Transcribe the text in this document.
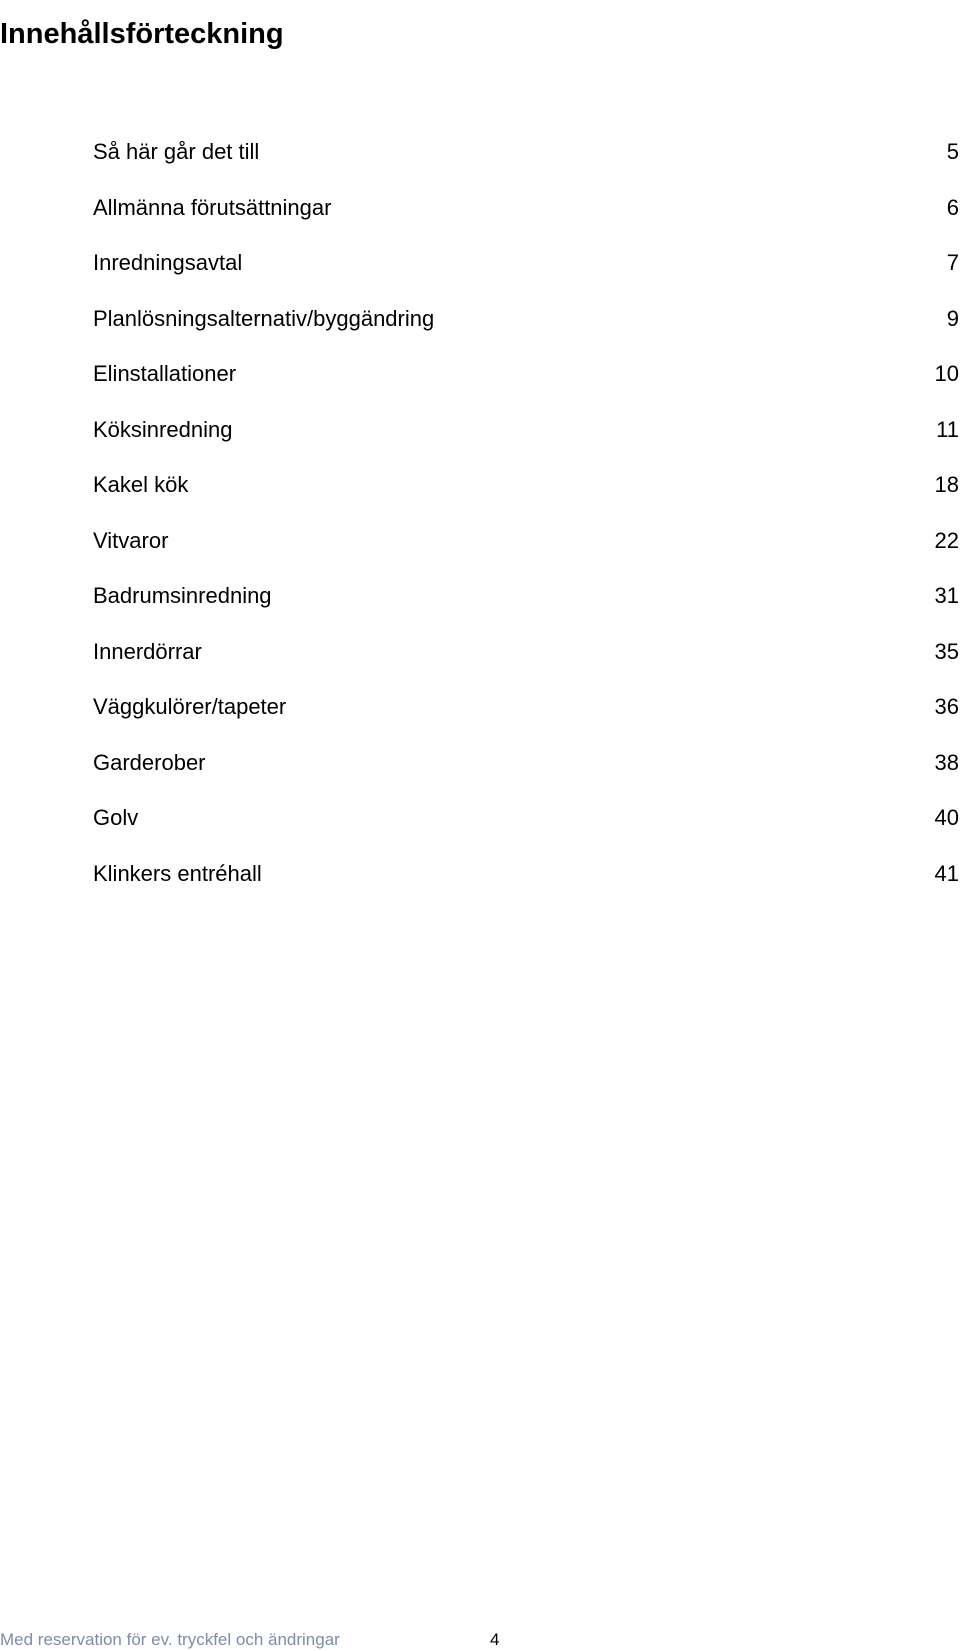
Innehållsförteckning
Så här går det till	5
Allmänna förutsättningar	6
Inredningsavtal	7
Planlösningsalternativ/byggändring	9
Elinstallationer	10
Köksinredning	11
Kakel kök	18
Vitvaror	22
Badrumsinredning	31
Innerdörrar	35
Väggkulörer/tapeter	36
Garderober	38
Golv	40
Klinkers entréhall	41
Med reservation för ev. tryckfel och ändringar	4
